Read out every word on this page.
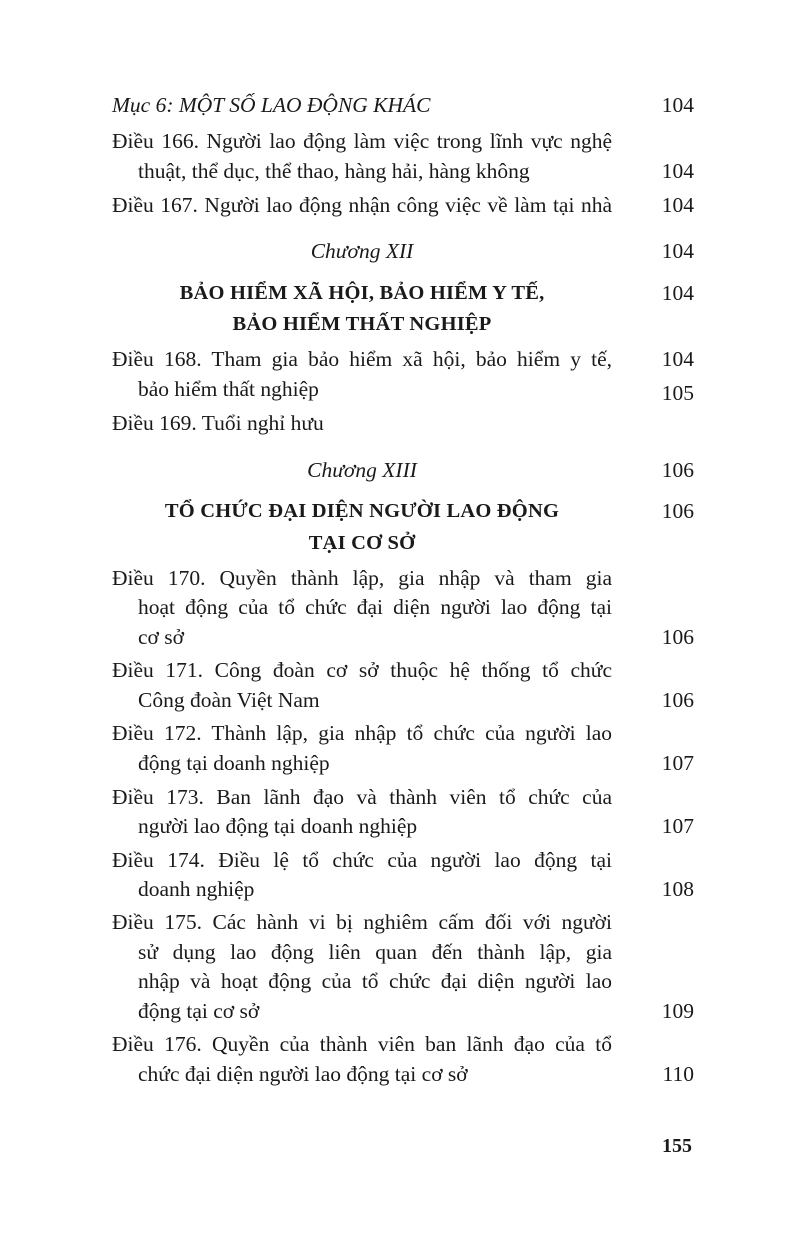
Mục 6: MỘT SỐ LAO ĐỘNG KHÁC
Điều 166. Người lao động làm việc trong lĩnh vực nghệ
thuật, thể dục, thể thao, hàng hải, hàng không
Điều 167. Người lao động nhận công việc về làm tại nhà
Chương XII
BẢO HIỂM XÃ HỘI, BẢO HIỂM Y TẾ,
BẢO HIỂM THẤT NGHIỆP
Điều 168. Tham gia bảo hiểm xã hội, bảo hiểm y tế,
bảo hiểm thất nghiệp
Điều 169. Tuổi nghỉ hưu
Chương XIII
TỔ CHỨC ĐẠI DIỆN NGƯỜI LAO ĐỘNG
TẠI CƠ SỞ
Điều 170. Quyền thành lập, gia nhập và tham gia
hoạt động của tổ chức đại diện người lao động tại
cơ sở
Điều 171. Công đoàn cơ sở thuộc hệ thống tổ chức
Công đoàn Việt Nam
Điều 172. Thành lập, gia nhập tổ chức của người lao
động tại doanh nghiệp
Điều 173. Ban lãnh đạo và thành viên tổ chức của
người lao động tại doanh nghiệp
Điều 174. Điều lệ tổ chức của người lao động tại
doanh nghiệp
Điều 175. Các hành vi bị nghiêm cấm đối với người
sử dụng lao động liên quan đến thành lập, gia
nhập và hoạt động của tổ chức đại diện người lao
động tại cơ sở
Điều 176. Quyền của thành viên ban lãnh đạo của tổ
chức đại diện người lao động tại cơ sở
104
104
104
104
104
104
105
106
106
106
106
107
107
108
109
110
155
